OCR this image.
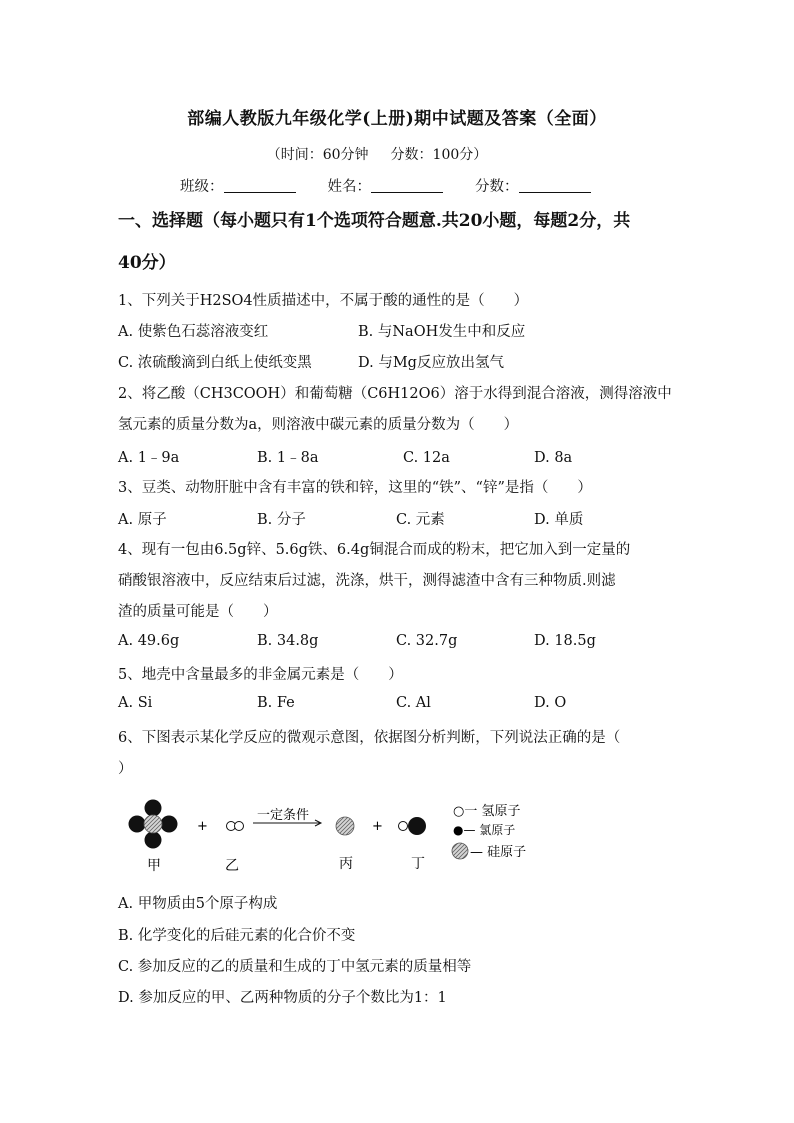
部编人教版九年级化学(上册)期中试题及答案（全面）
（时间：60分钟 分数：100分）
班级：	姓名：	分数：
一、选择题（每小题只有1个选项符合题意.共20小题，每题2分，共
40分）
1、下列关于H2SO4性质描述中，不属于酸的通性的是（　　）
A. 使紫色石蕊溶液变红	B. 与NaOH发生中和反应
C. 浓硫酸滴到白纸上使纸变黑	D. 与Mg反应放出氢气
2、将乙酸（CH3COOH）和葡萄糖（C6H12O6）溶于水得到混合溶液，测得溶液中
氢元素的质量分数为a，则溶液中碳元素的质量分数为（　　）
A. 1﹣9a	B. 1﹣8a	C. 12a	D. 8a
3、豆类、动物肝脏中含有丰富的铁和锌，这里的“铁”、“锌”是指（　　）
A. 原子	B. 分子	C. 元素	D. 单质
4、现有一包由6.5g锌、5.6g铁、6.4g铜混合而成的粉末，把它加入到一定量的
硝酸银溶液中，反应结束后过滤，洗涤，烘干，测得滤渣中含有三种物质.则滤
渣的质量可能是（　　）
A. 49.6g	B. 34.8g	C. 32.7g	D. 18.5g
5、地壳中含量最多的非金属元素是（　　）
A. Si	B. Fe	C. Al	D. O
6、下图表示某化学反应的微观示意图，依据图分析判断，下列说法正确的是（
）
甲
+
乙
一定条件
丙
+
丁
○一 氢原子
●— 氯原子
— 硅原子
A. 甲物质由5个原子构成
B. 化学变化的后硅元素的化合价不变
C. 参加反应的乙的质量和生成的丁中氢元素的质量相等
D. 参加反应的甲、乙两种物质的分子个数比为1：1
